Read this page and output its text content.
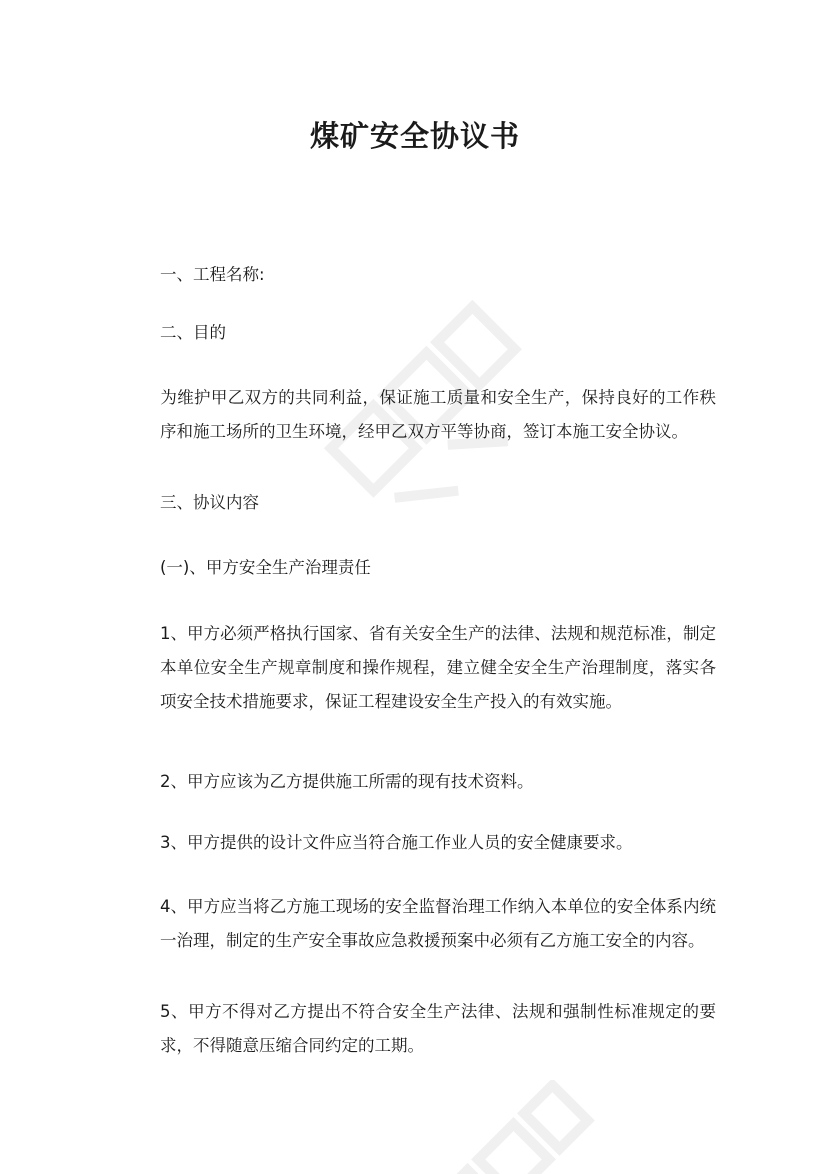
煤矿安全协议书

一、工程名称:

二、目的

为维护甲乙双方的共同利益，保证施工质量和安全生产，保持良好的工作秩序和施工场所的卫生环境，经甲乙双方平等协商，签订本施工安全协议。

三、协议内容

(一)、甲方安全生产治理责任

1、甲方必须严格执行国家、省有关安全生产的法律、法规和规范标准，制定本单位安全生产规章制度和操作规程，建立健全安全生产治理制度，落实各项安全技术措施要求，保证工程建设安全生产投入的有效实施。

2、甲方应该为乙方提供施工所需的现有技术资料。

3、甲方提供的设计文件应当符合施工作业人员的安全健康要求。

4、甲方应当将乙方施工现场的安全监督治理工作纳入本单位的安全体系内统一治理，制定的生产安全事故应急救援预案中必须有乙方施工安全的内容。

5、甲方不得对乙方提出不符合安全生产法律、法规和强制性标准规定的要求，不得随意压缩合同约定的工期。
